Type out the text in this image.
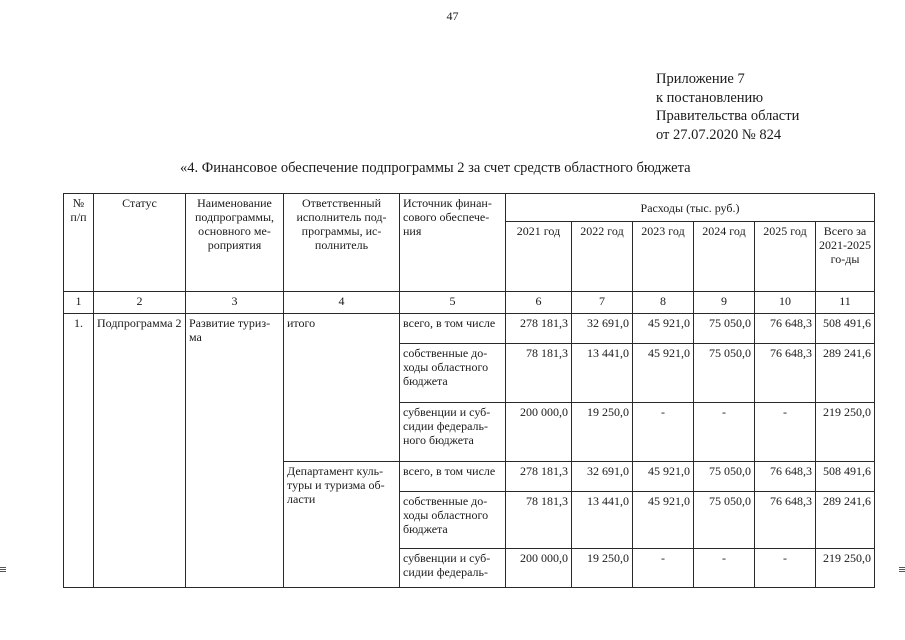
47
Приложение 7
к постановлению
Правительства области
от 27.07.2020 № 824
«4. Финансовое обеспечение подпрограммы 2 за счет средств областного бюджета
№ п/п	Статус	Наименование подпрограммы, основного ме-роприятия	Ответственный исполнитель под-программы, ис-полнитель	Источник финан-сового обеспече-ния	Расходы (тыс. руб.)					
					2021 год	2022 год	2023 год	2024 год	2025 год	Всего за 2021-2025 го-ды
1	2	3	4	5	6	7	8	9	10	11
1.	Подпрограмма 2	Развитие туриз-ма	итого	всего, в том числе	278 181,3	32 691,0	45 921,0	75 050,0	76 648,3	508 491,6
				собственные до-ходы областного бюджета	78 181,3	13 441,0	45 921,0	75 050,0	76 648,3	289 241,6
				субвенции и суб-сидии федераль-ного бюджета	200 000,0	19 250,0	-	-	-	219 250,0
			Департамент куль-туры и туризма об-ласти	всего, в том числе	278 181,3	32 691,0	45 921,0	75 050,0	76 648,3	508 491,6
				собственные до-ходы областного бюджета	78 181,3	13 441,0	45 921,0	75 050,0	76 648,3	289 241,6
				субвенции и суб-сидии федераль-	200 000,0	19 250,0	-	-	-	219 250,0
